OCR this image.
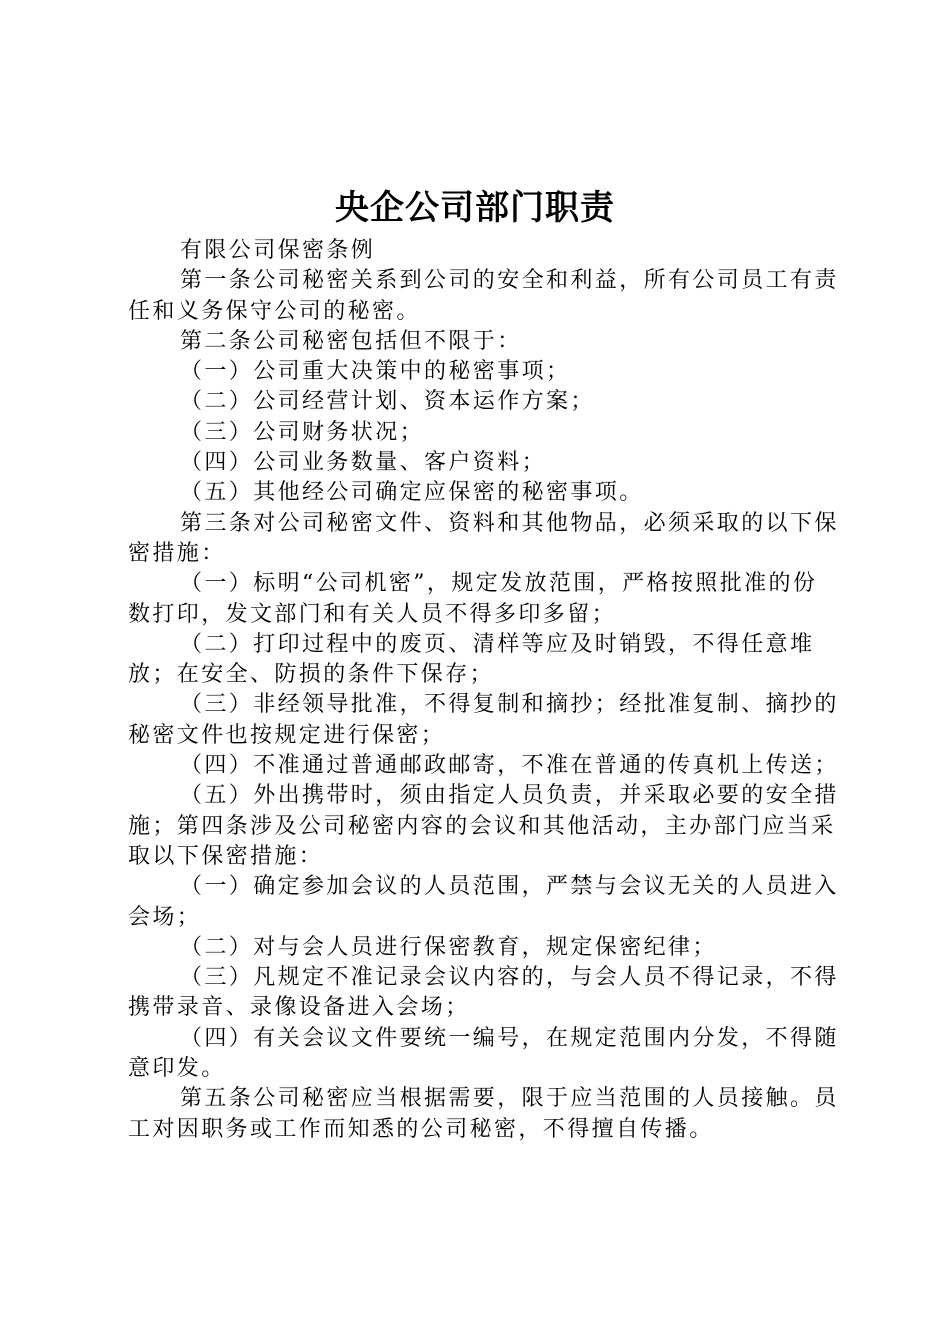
央企公司部门职责

有限公司保密条例

第一条公司秘密关系到公司的安全和利益，所有公司员工有责任和义务保守公司的秘密。

第二条公司秘密包括但不限于：

（一）公司重大决策中的秘密事项；

（二）公司经营计划、资本运作方案；

（三）公司财务状况；

（四）公司业务数量、客户资料；

（五）其他经公司确定应保密的秘密事项。

第三条对公司秘密文件、资料和其他物品，必须采取的以下保密措施：

（一）标明“公司机密”，规定发放范围，严格按照批准的份数打印，发文部门和有关人员不得多印多留；

（二）打印过程中的废页、清样等应及时销毁，不得任意堆放；在安全、防损的条件下保存；

（三）非经领导批准，不得复制和摘抄；经批准复制、摘抄的秘密文件也按规定进行保密；

（四）不准通过普通邮政邮寄，不准在普通的传真机上传送；

（五）外出携带时，须由指定人员负责，并采取必要的安全措施；第四条涉及公司秘密内容的会议和其他活动，主办部门应当采取以下保密措施：

（一）确定参加会议的人员范围，严禁与会议无关的人员进入会场；

（二）对与会人员进行保密教育，规定保密纪律；

（三）凡规定不准记录会议内容的，与会人员不得记录，不得携带录音、录像设备进入会场；

（四）有关会议文件要统一编号，在规定范围内分发，不得随意印发。

第五条公司秘密应当根据需要，限于应当范围的人员接触。员工对因职务或工作而知悉的公司秘密，不得擅自传播。
